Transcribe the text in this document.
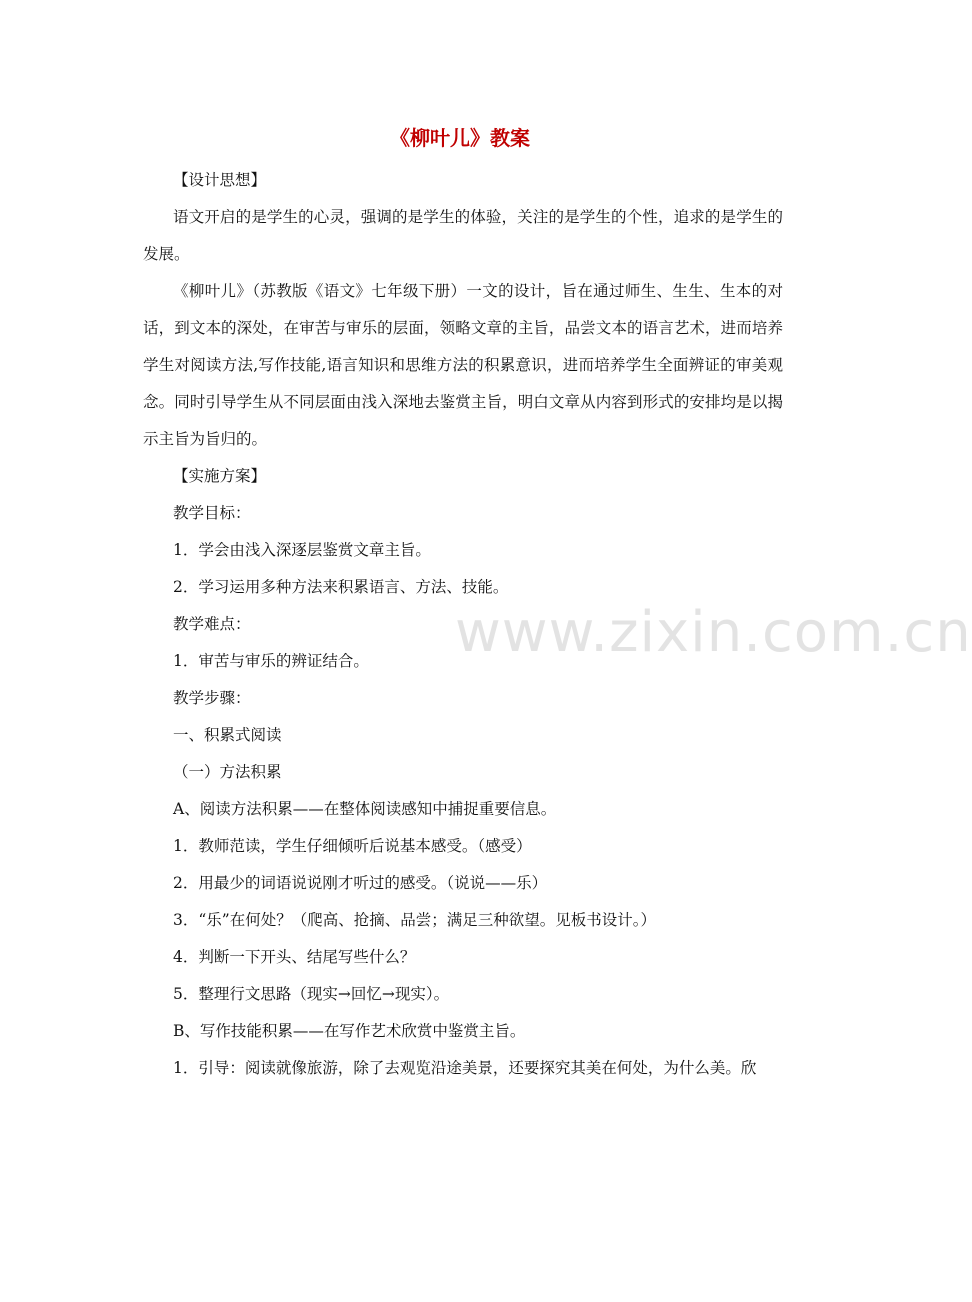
www.zixin.com.cn
《柳叶儿》教案

【设计思想】

语文开启的是学生的心灵，强调的是学生的体验，关注的是学生的个性，追求的是学生的发展。

《柳叶儿》（苏教版《语文》七年级下册）一文的设计，旨在通过师生、生生、生本的对话，到文本的深处，在审苦与审乐的层面，领略文章的主旨，品尝文本的语言艺术，进而培养学生对阅读方法,写作技能,语言知识和思维方法的积累意识，进而培养学生全面辨证的审美观念。同时引导学生从不同层面由浅入深地去鉴赏主旨，明白文章从内容到形式的安排均是以揭示主旨为旨归的。

【实施方案】

教学目标：

1．学会由浅入深逐层鉴赏文章主旨。

2．学习运用多种方法来积累语言、方法、技能。

教学难点：

1．审苦与审乐的辨证结合。

教学步骤：

一、积累式阅读

（一）方法积累

A、阅读方法积累——在整体阅读感知中捕捉重要信息。

1．教师范读，学生仔细倾听后说基本感受。（感受）

2．用最少的词语说说刚才听过的感受。（说说——乐）

3．“乐”在何处？（爬高、抢摘、品尝；满足三种欲望。见板书设计。）

4．判断一下开头、结尾写些什么？

5．整理行文思路（现实→回忆→现实）。

B、写作技能积累——在写作艺术欣赏中鉴赏主旨。

1．引导：阅读就像旅游，除了去观览沿途美景，还要探究其美在何处，为什么美。欣
